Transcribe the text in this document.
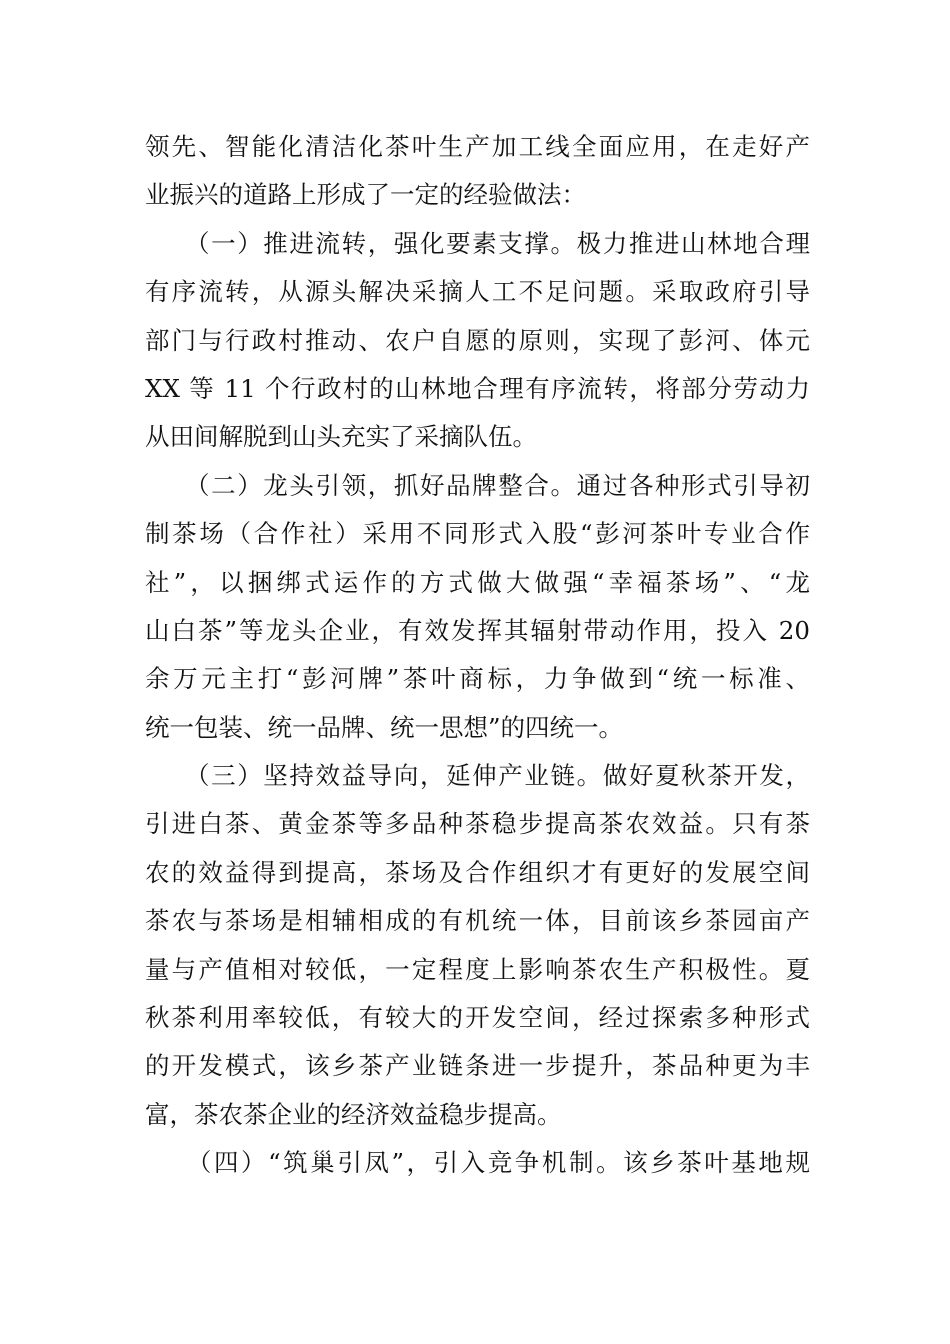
领先、智能化清洁化茶叶生产加工线全面应用，在走好产
业振兴的道路上形成了一定的经验做法：
　　（一）推进流转，强化要素支撑。极力推进山林地合理
有序流转，从源头解决采摘人工不足问题。采取政府引导
部门与行政村推动、农户自愿的原则，实现了彭河、体元
XX 等 11 个行政村的山林地合理有序流转，将部分劳动力
从田间解脱到山头充实了采摘队伍。
　　（二）龙头引领，抓好品牌整合。通过各种形式引导初
制茶场（合作社）采用不同形式入股“彭河茶叶专业合作
社”，以捆绑式运作的方式做大做强“幸福茶场”、“龙
山白茶”等龙头企业，有效发挥其辐射带动作用，投入 20
余万元主打“彭河牌”茶叶商标，力争做到“统一标准、
统一包装、统一品牌、统一思想”的四统一。
　　（三）坚持效益导向，延伸产业链。做好夏秋茶开发，
引进白茶、黄金茶等多品种茶稳步提高茶农效益。只有茶
农的效益得到提高，茶场及合作组织才有更好的发展空间
茶农与茶场是相辅相成的有机统一体，目前该乡茶园亩产
量与产值相对较低，一定程度上影响茶农生产积极性。夏
秋茶利用率较低，有较大的开发空间，经过探索多种形式
的开发模式，该乡茶产业链条进一步提升，茶品种更为丰
富，茶农茶企业的经济效益稳步提高。
　　（四）“筑巢引凤”，引入竞争机制。该乡茶叶基地规
